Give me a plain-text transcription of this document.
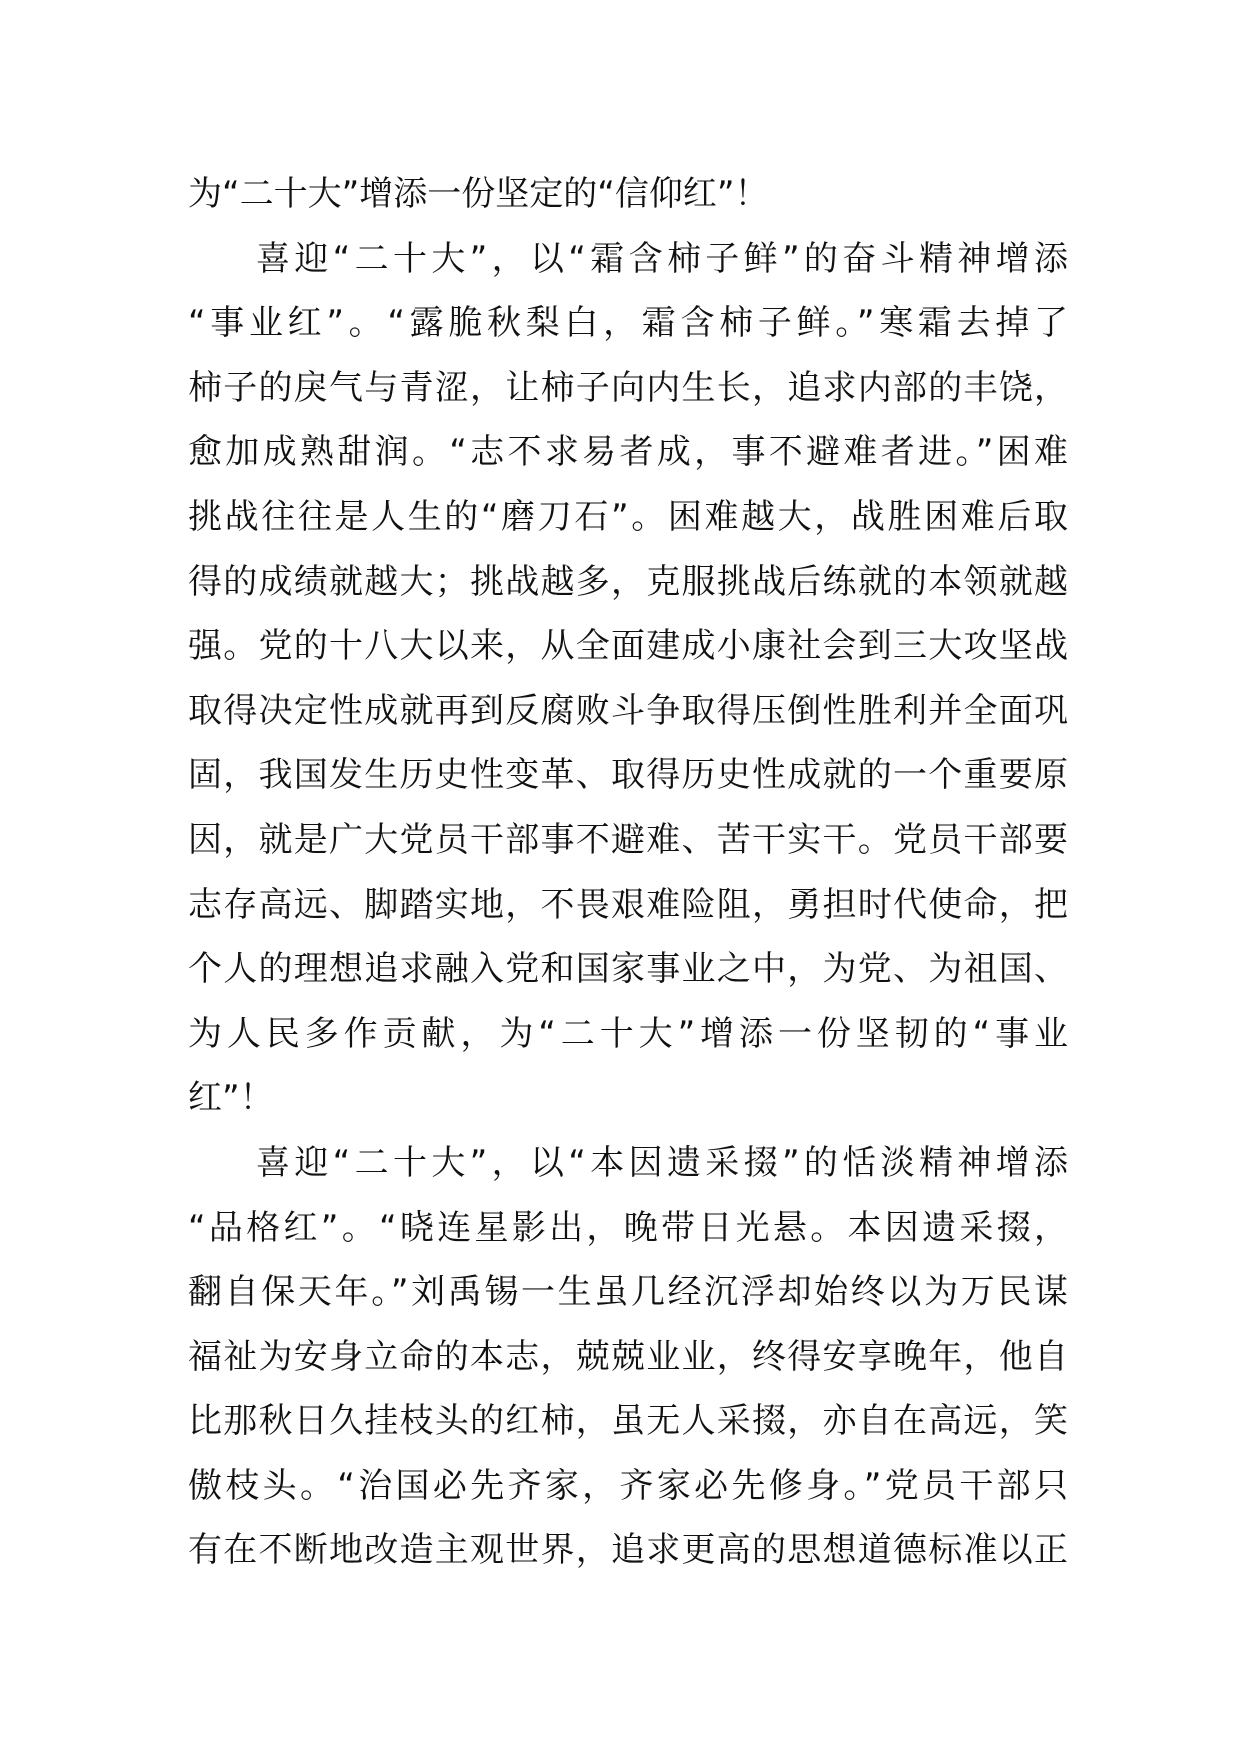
为“二十大”增添一份坚定的“信仰红”！
喜迎“二十大”，以“霜含柿子鲜”的奋斗精神增添
“事业红”。“露脆秋梨白，霜含柿子鲜。”寒霜去掉了
柿子的戾气与青涩，让柿子向内生长，追求内部的丰饶，
愈加成熟甜润。“志不求易者成，事不避难者进。”困难
挑战往往是人生的“磨刀石”。困难越大，战胜困难后取
得的成绩就越大；挑战越多，克服挑战后练就的本领就越
强。党的十八大以来，从全面建成小康社会到三大攻坚战
取得决定性成就再到反腐败斗争取得压倒性胜利并全面巩
固，我国发生历史性变革、取得历史性成就的一个重要原
因，就是广大党员干部事不避难、苦干实干。党员干部要
志存高远、脚踏实地，不畏艰难险阻，勇担时代使命，把
个人的理想追求融入党和国家事业之中，为党、为祖国、
为人民多作贡献，为“二十大”增添一份坚韧的“事业
红”！
喜迎“二十大”，以“本因遗采掇”的恬淡精神增添
“品格红”。“晓连星影出，晚带日光悬。本因遗采掇，
翻自保天年。”刘禹锡一生虽几经沉浮却始终以为万民谋
福祉为安身立命的本志，兢兢业业，终得安享晚年，他自
比那秋日久挂枝头的红柿，虽无人采掇，亦自在高远，笑
傲枝头。“治国必先齐家，齐家必先修身。”党员干部只
有在不断地改造主观世界，追求更高的思想道德标准以正
